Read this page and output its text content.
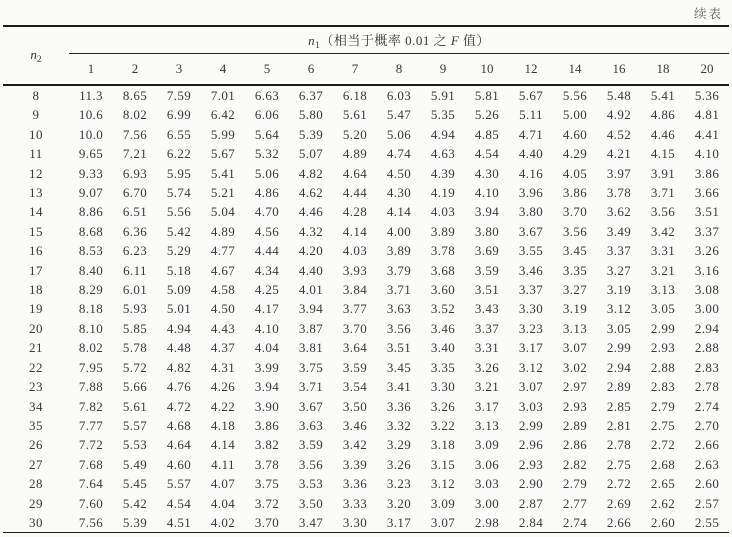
续表
$n_2$	$n_1$（相当于概率 0.01 之 F 值）														
	1	2	3	4	5	6	7	8	9	10	12	14	16	18	20
8	11.3	8.65	7.59	7.01	6.63	6.37	6.18	6.03	5.91	5.81	5.67	5.56	5.48	5.41	5.36
9	10.6	8.02	6.99	6.42	6.06	5.80	5.61	5.47	5.35	5.26	5.11	5.00	4.92	4.86	4.81
10	10.0	7.56	6.55	5.99	5.64	5.39	5.20	5.06	4.94	4.85	4.71	4.60	4.52	4.46	4.41
11	9.65	7.21	6.22	5.67	5.32	5.07	4.89	4.74	4.63	4.54	4.40	4.29	4.21	4.15	4.10
12	9.33	6.93	5.95	5.41	5.06	4.82	4.64	4.50	4.39	4.30	4.16	4.05	3.97	3.91	3.86
13	9.07	6.70	5.74	5.21	4.86	4.62	4.44	4.30	4.19	4.10	3.96	3.86	3.78	3.71	3.66
14	8.86	6.51	5.56	5.04	4.70	4.46	4.28	4.14	4.03	3.94	3.80	3.70	3.62	3.56	3.51
15	8.68	6.36	5.42	4.89	4.56	4.32	4.14	4.00	3.89	3.80	3.67	3.56	3.49	3.42	3.37
16	8.53	6.23	5.29	4.77	4.44	4.20	4.03	3.89	3.78	3.69	3.55	3.45	3.37	3.31	3.26
17	8.40	6.11	5.18	4.67	4.34	4.40	3.93	3.79	3.68	3.59	3.46	3.35	3.27	3.21	3.16
18	8.29	6.01	5.09	4.58	4.25	4.01	3.84	3.71	3.60	3.51	3.37	3.27	3.19	3.13	3.08
19	8.18	5.93	5.01	4.50	4.17	3.94	3.77	3.63	3.52	3.43	3.30	3.19	3.12	3.05	3.00
20	8.10	5.85	4.94	4.43	4.10	3.87	3.70	3.56	3.46	3.37	3.23	3.13	3.05	2.99	2.94
21	8.02	5.78	4.48	4.37	4.04	3.81	3.64	3.51	3.40	3.31	3.17	3.07	2.99	2.93	2.88
22	7.95	5.72	4.82	4.31	3.99	3.75	3.59	3.45	3.35	3.26	3.12	3.02	2.94	2.88	2.83
23	7.88	5.66	4.76	4.26	3.94	3.71	3.54	3.41	3.30	3.21	3.07	2.97	2.89	2.83	2.78
34	7.82	5.61	4.72	4.22	3.90	3.67	3.50	3.36	3.26	3.17	3.03	2.93	2.85	2.79	2.74
35	7.77	5.57	4.68	4.18	3.86	3.63	3.46	3.32	3.22	3.13	2.99	2.89	2.81	2.75	2.70
26	7.72	5.53	4.64	4.14	3.82	3.59	3.42	3.29	3.18	3.09	2.96	2.86	2.78	2.72	2.66
27	7.68	5.49	4.60	4.11	3.78	3.56	3.39	3.26	3.15	3.06	2.93	2.82	2.75	2.68	2.63
28	7.64	5.45	5.57	4.07	3.75	3.53	3.36	3.23	3.12	3.03	2.90	2.79	2.72	2.65	2.60
29	7.60	5.42	4.54	4.04	3.72	3.50	3.33	3.20	3.09	3.00	2.87	2.77	2.69	2.62	2.57
30	7.56	5.39	4.51	4.02	3.70	3.47	3.30	3.17	3.07	2.98	2.84	2.74	2.66	2.60	2.55
